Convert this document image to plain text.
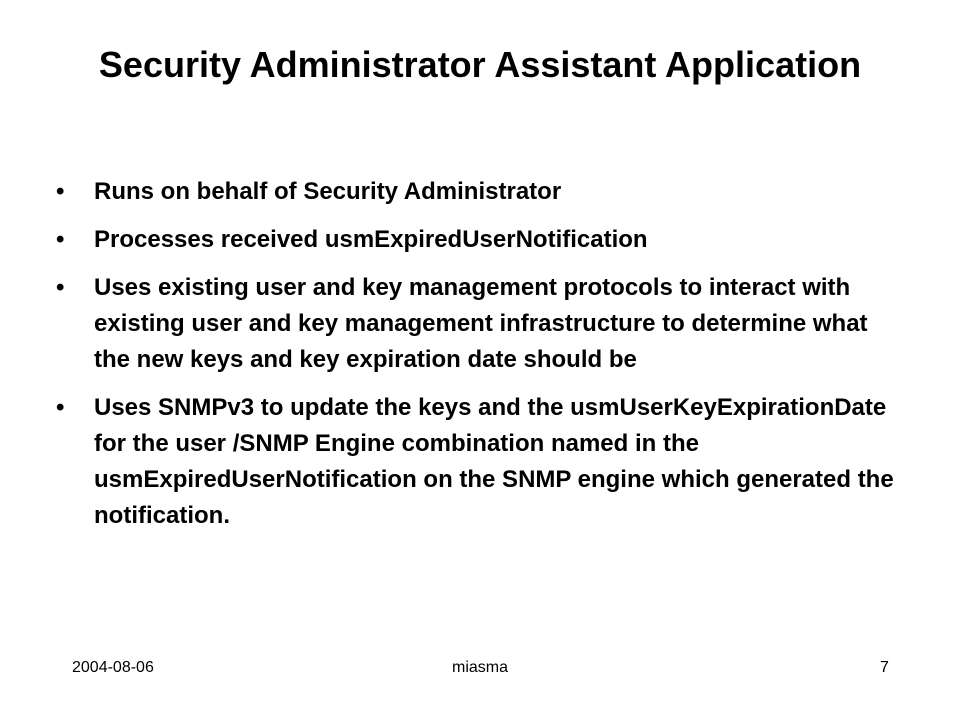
Security Administrator Assistant Application
• Runs on behalf of Security Administrator
• Processes received usmExpiredUserNotification
• Uses existing user and key management protocols to interact with existing user and key management infrastructure to determine what the new keys and key expiration date should be
• Uses SNMPv3 to update the keys and the usmUserKeyExpirationDate for the user /SNMP Engine combination named in the usmExpiredUserNotification on the SNMP engine which generated the notification.
2004-08-06	miasma	7
